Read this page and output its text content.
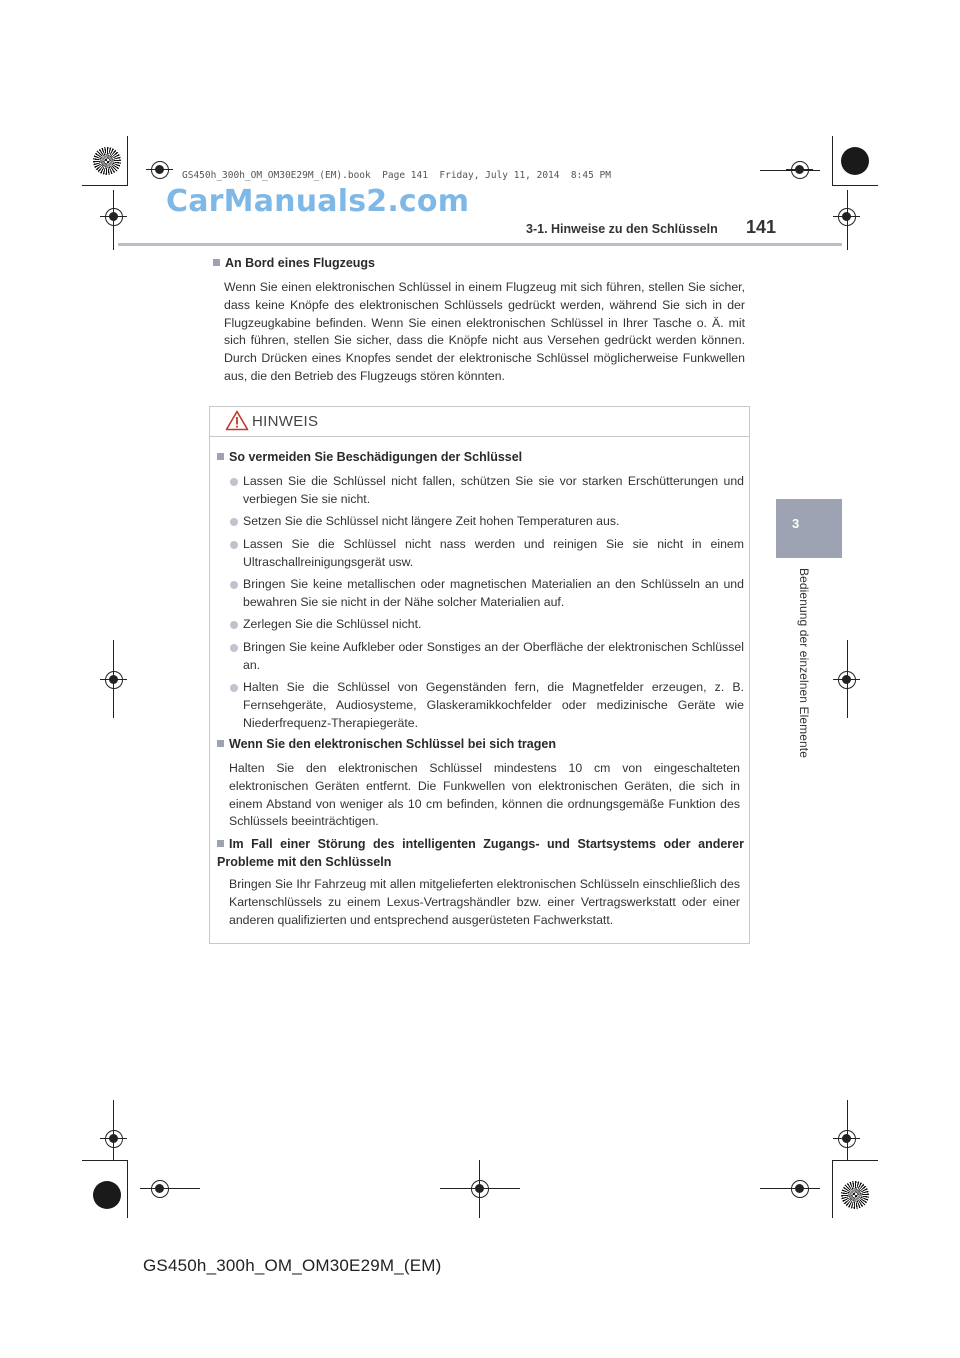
GS450h_300h_OM_OM30E29M_(EM).book  Page 141  Friday, July 11, 2014  8:45 PM
CarManuals2.com
3-1. Hinweise zu den Schlüsseln 141
3
Bedienung der einzelnen Elemente
An Bord eines Flugzeugs
Wenn Sie einen elektronischen Schlüssel in einem Flugzeug mit sich führen, stellen Sie sicher, dass keine Knöpfe des elektronischen Schlüssels gedrückt werden, während Sie sich in der Flugzeugkabine befinden. Wenn Sie einen elektronischen Schlüssel in Ihrer Tasche o. Ä. mit sich führen, stellen Sie sicher, dass die Knöpfe nicht aus Versehen gedrückt werden können. Durch Drücken eines Knopfes sendet der elektronische Schlüssel möglicherweise Funkwellen aus, die den Betrieb des Flugzeugs stören könnten.
HINWEIS
So vermeiden Sie Beschädigungen der Schlüssel
Lassen Sie die Schlüssel nicht fallen, schützen Sie sie vor starken Erschütterungen und verbiegen Sie sie nicht.
Setzen Sie die Schlüssel nicht längere Zeit hohen Temperaturen aus.
Lassen Sie die Schlüssel nicht nass werden und reinigen Sie sie nicht in einem Ultraschallreinigungsgerät usw.
Bringen Sie keine metallischen oder magnetischen Materialien an den Schlüsseln an und bewahren Sie sie nicht in der Nähe solcher Materialien auf.
Zerlegen Sie die Schlüssel nicht.
Bringen Sie keine Aufkleber oder Sonstiges an der Oberfläche der elektronischen Schlüssel an.
Halten Sie die Schlüssel von Gegenständen fern, die Magnetfelder erzeugen, z. B. Fernsehgeräte, Audiosysteme, Glaskeramikkochfelder oder medizinische Geräte wie Niederfrequenz-Therapiegeräte.
Wenn Sie den elektronischen Schlüssel bei sich tragen
Halten Sie den elektronischen Schlüssel mindestens 10 cm von eingeschalteten elektronischen Geräten entfernt. Die Funkwellen von elektronischen Geräten, die sich in einem Abstand von weniger als 10 cm befinden, können die ordnungsgemäße Funktion des Schlüssels beeinträchtigen.
Im Fall einer Störung des intelligenten Zugangs- und Startsystems oder anderer Probleme mit den Schlüsseln
Bringen Sie Ihr Fahrzeug mit allen mitgelieferten elektronischen Schlüsseln einschließlich des Kartenschlüssels zu einem Lexus-Vertragshändler bzw. einer Vertragswerkstatt oder einer anderen qualifizierten und entsprechend ausgerüsteten Fachwerkstatt.
GS450h_300h_OM_OM30E29M_(EM)
